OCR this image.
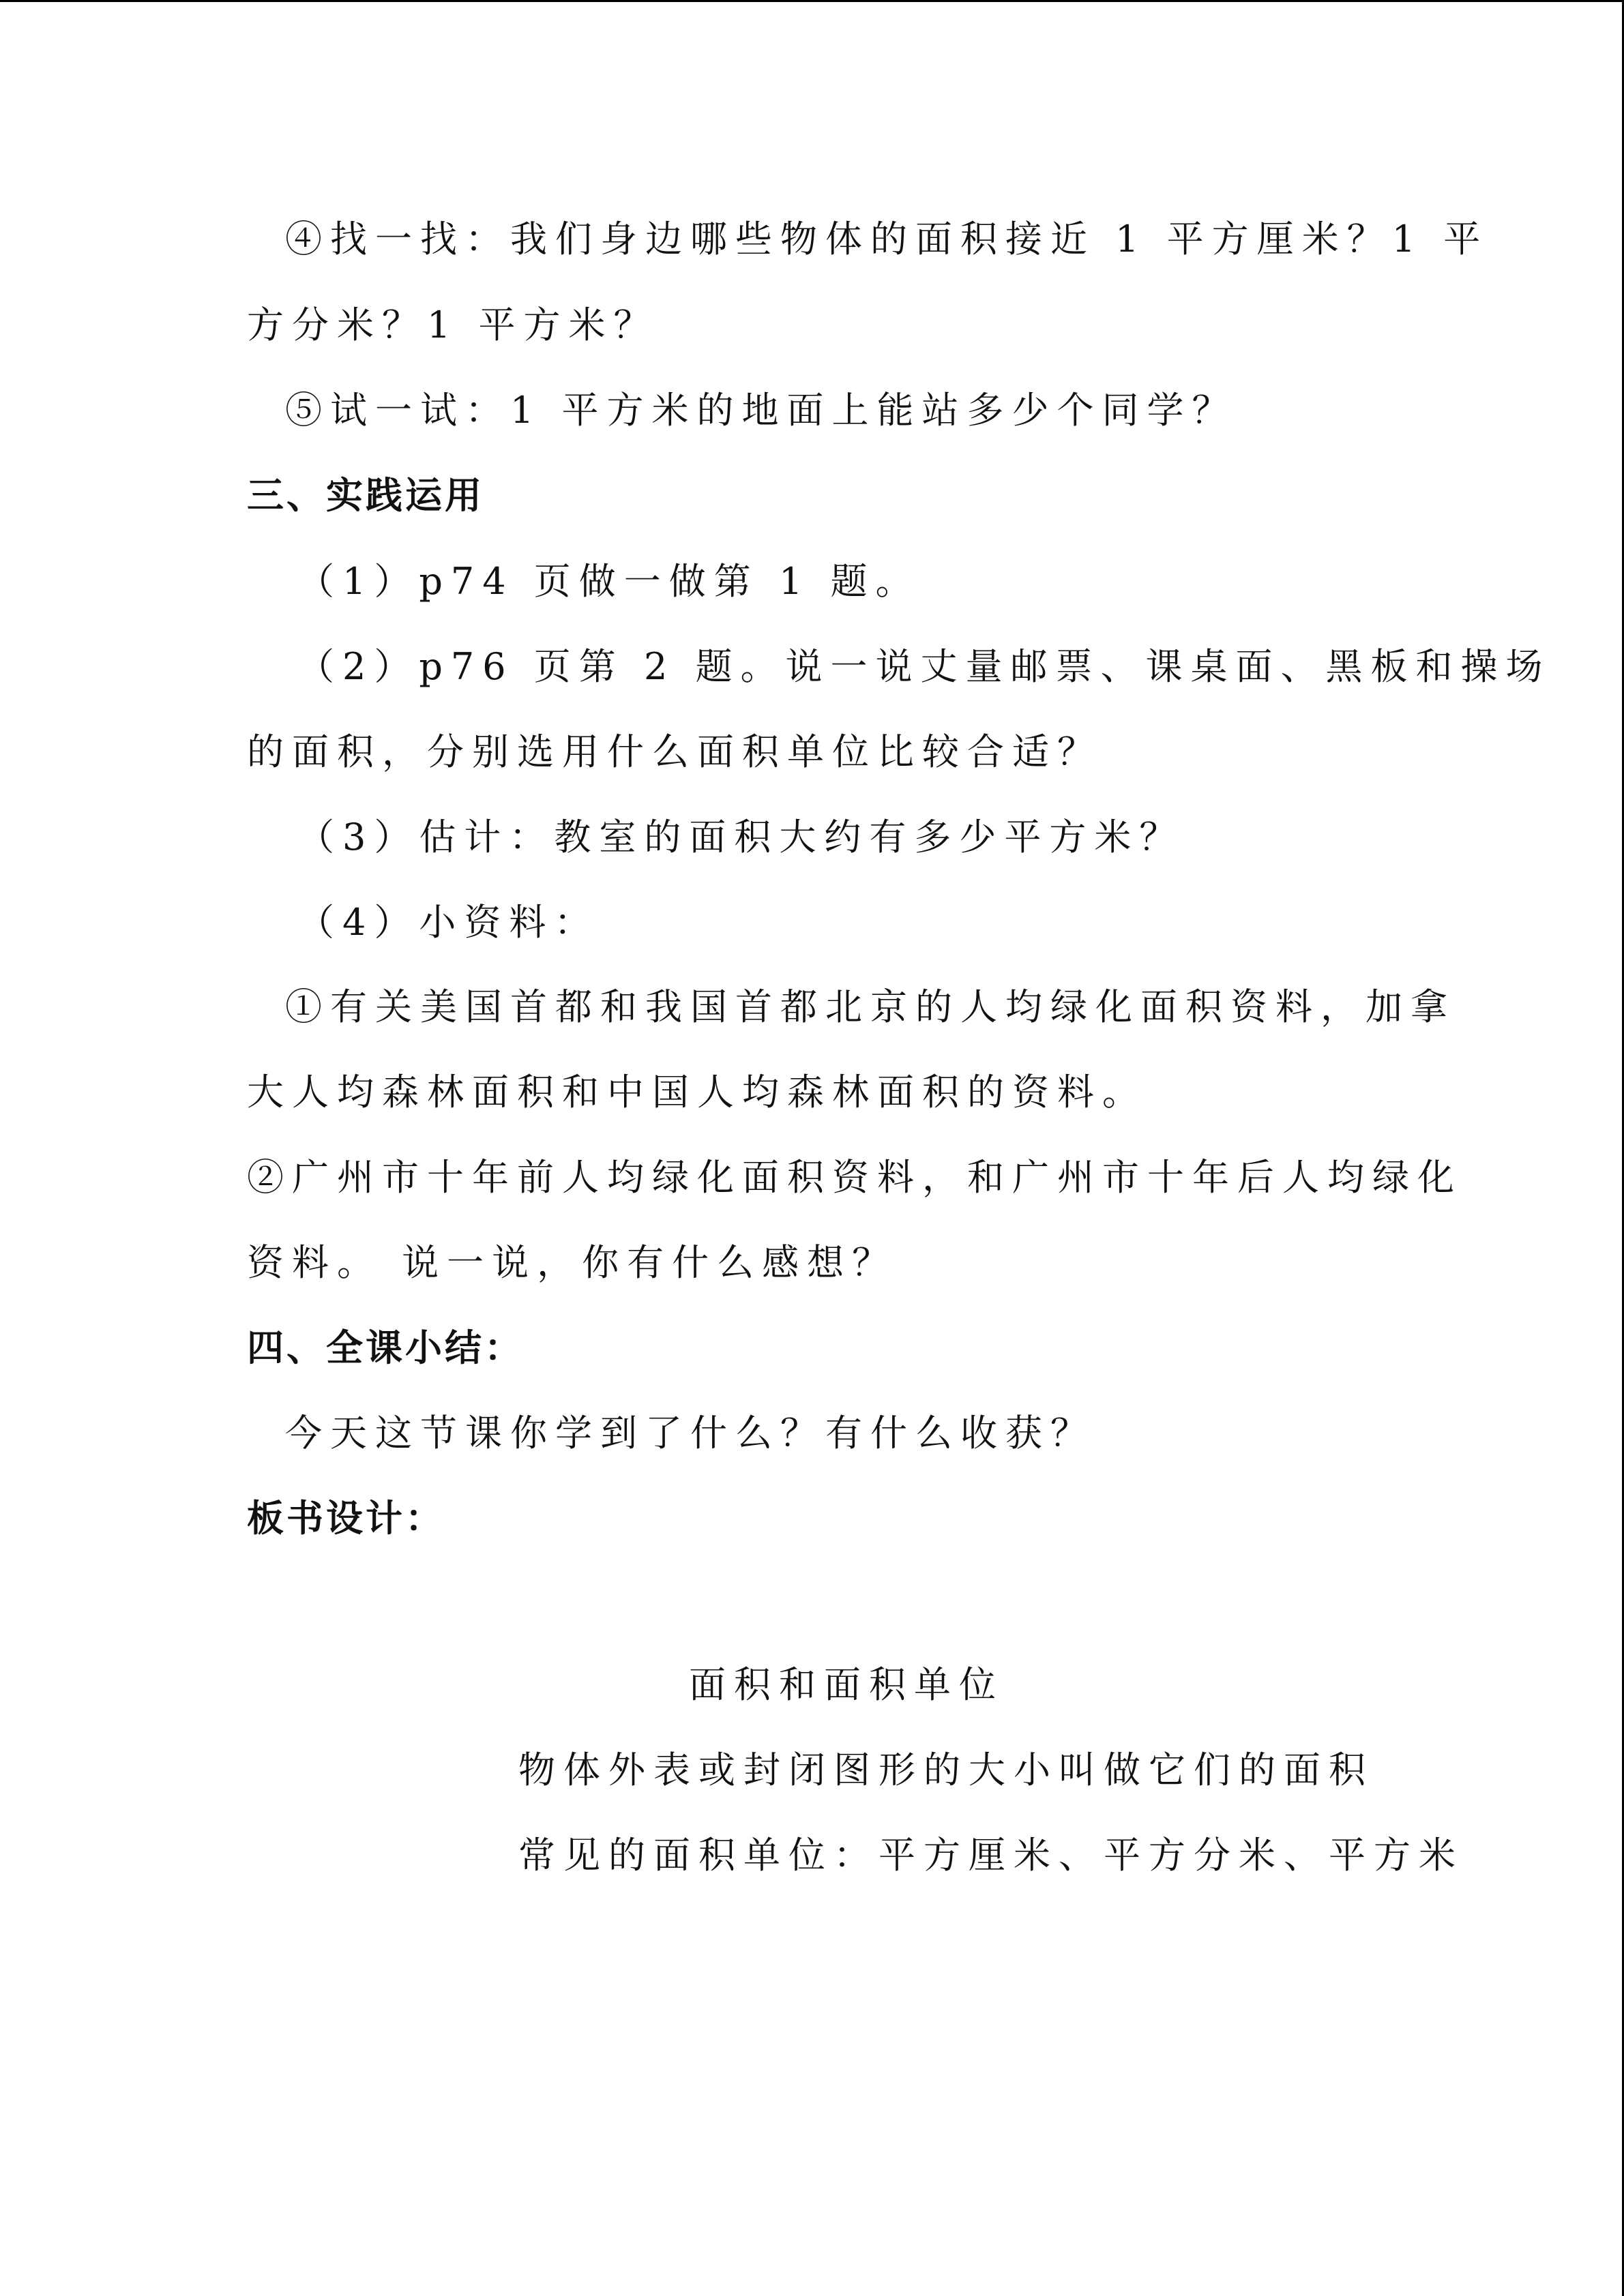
④找一找：我们身边哪些物体的面积接近 1 平方厘米？1 平
方分米？1 平方米？
⑤试一试：1 平方米的地面上能站多少个同学？
三、实践运用
（1）p74 页做一做第 1 题。
（2）p76 页第 2 题。说一说丈量邮票、课桌面、黑板和操场
的面积，分别选用什么面积单位比较合适？
（3）估计：教室的面积大约有多少平方米？
（4）小资料：
①有关美国首都和我国首都北京的人均绿化面积资料，加拿
大人均森林面积和中国人均森林面积的资料。
②广州市十年前人均绿化面积资料，和广州市十年后人均绿化
资料。 说一说，你有什么感想？
四、全课小结：
今天这节课你学到了什么？有什么收获？
板书设计：
面积和面积单位
物体外表或封闭图形的大小叫做它们的面积
常见的面积单位：平方厘米、平方分米、平方米
